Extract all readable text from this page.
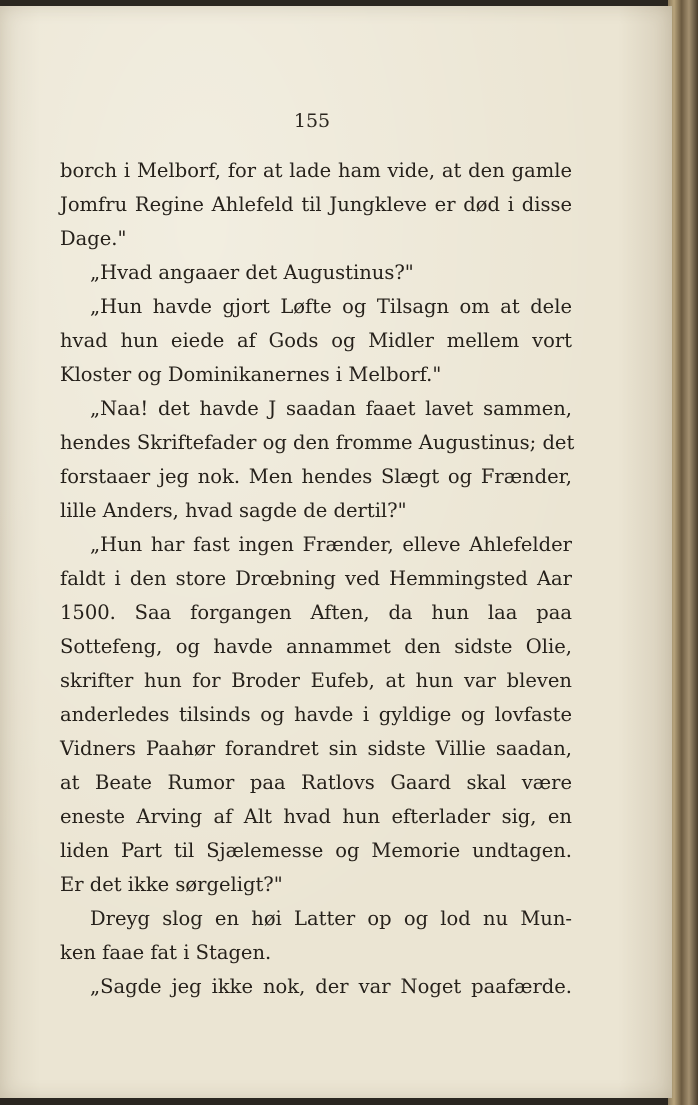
155
borch i Melborf, for at lade ham vide, at den gamle
Jomfru Regine Ahlefeld til Jungkleve er død i disse
Dage."
„Hvad angaaer det Augustinus?"
„Hun havde gjort Løfte og Tilsagn om at dele
hvad hun eiede af Gods og Midler mellem vort
Kloster og Dominikanernes i Melborf."
„Naa! det havde J saadan faaet lavet sammen,
hendes Skriftefader og den fromme Augustinus; det
forstaaer jeg nok. Men hendes Slægt og Frænder,
lille Anders, hvad sagde de dertil?"
„Hun har fast ingen Frænder, elleve Ahlefelder
faldt i den store Drœbning ved Hemmingsted Aar
1500. Saa forgangen Aften, da hun laa paa
Sottefeng, og havde annammet den sidste Olie,
skrifter hun for Broder Eufeb, at hun var bleven
anderledes tilsinds og havde i gyldige og lovfaste
Vidners Paahør forandret sin sidste Villie saadan,
at Beate Rumor paa Ratlovs Gaard skal være
eneste Arving af Alt hvad hun efterlader sig, en
liden Part til Sjælemesse og Memorie undtagen.
Er det ikke sørgeligt?"
Dreyg slog en høi Latter op og lod nu Mun-
ken faae fat i Stagen.
„Sagde jeg ikke nok, der var Noget paafærde.
